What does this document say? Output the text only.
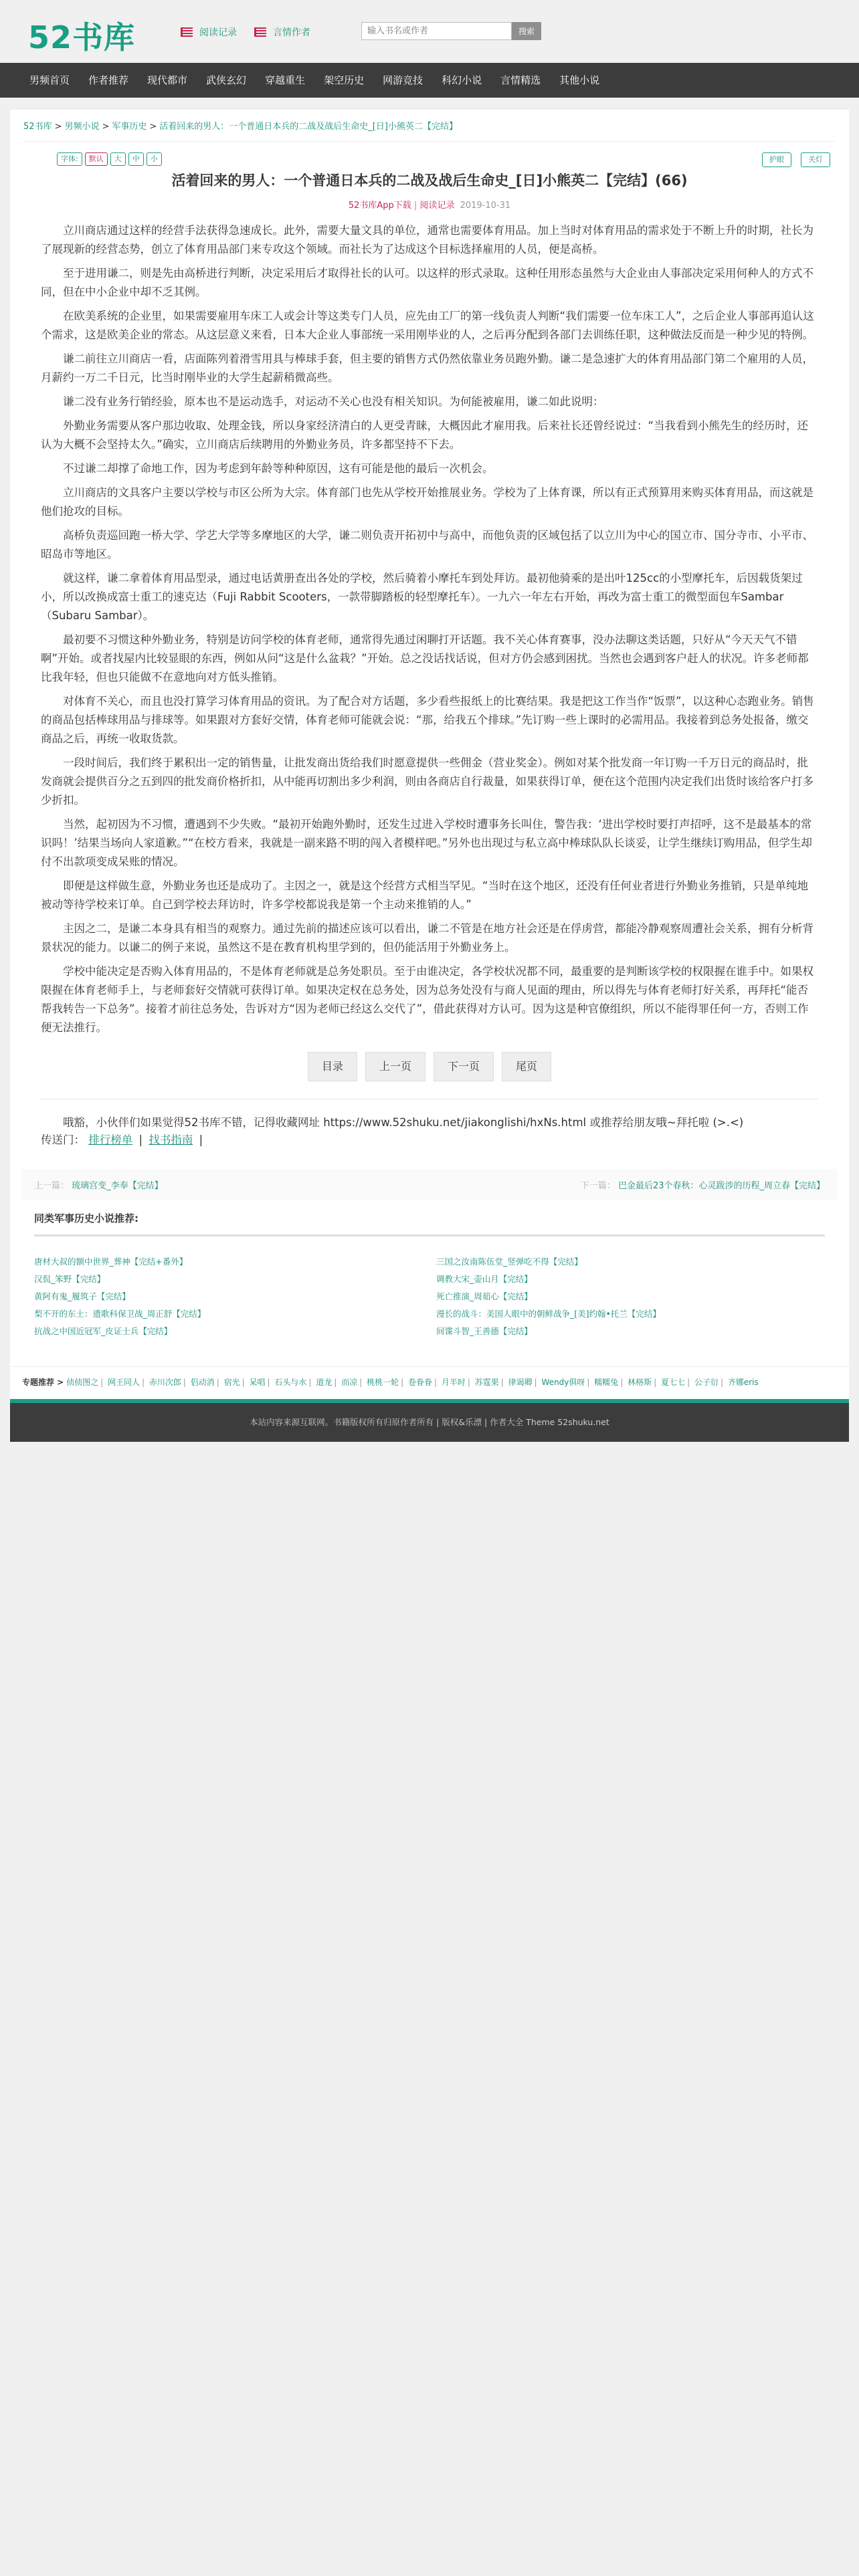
52书库	阅读记录	言情作者
输入书名或作者	搜索
男频首页	作者推荐	现代都市	武侠玄幻	穿越重生	架空历史	网游竞技	科幻小说	言情精选	其他小说
52书库 > 男频小说 > 军事历史 > 活着回来的男人：一个普通日本兵的二战及战后生命史_[日]小熊英二【完结】
字体:	默认	大	中	小	护眼	关灯
活着回来的男人：一个普通日本兵的二战及战后生命史_[日]小熊英二【完结】(66)
52书库App下载 | 阅读记录 2019-10-31

立川商店通过这样的经营手法获得急速成长。此外，需要大量文具的单位，通常也需要体育用品。加上当时对体育用品的需求处于不断上升的时期，社长为了展现新的经营态势，创立了体育用品部门来专攻这个领域。而社长为了达成这个目标选择雇用的人员，便是高桥。

至于进用谦二，则是先由高桥进行判断，决定采用后才取得社长的认可。以这样的形式录取。这种任用形态虽然与大企业由人事部决定采用何种人的方式不同，但在中小企业中却不乏其例。

在欧美系统的企业里，如果需要雇用车床工人或会计等这类专门人员，应先由工厂的第一线负责人判断“我们需要一位车床工人”，之后企业人事部再追认这个需求，这是欧美企业的常态。从这层意义来看，日本大企业人事部统一采用刚毕业的人，之后再分配到各部门去训练任职，这种做法反而是一种少见的特例。

谦二前往立川商店一看，店面陈列着滑雪用具与棒球手套，但主要的销售方式仍然依靠业务员跑外勤。谦二是急速扩大的体育用品部门第二个雇用的人员，月薪约一万二千日元，比当时刚毕业的大学生起薪稍微高些。

谦二没有业务行销经验，原本也不是运动选手，对运动不关心也没有相关知识。为何能被雇用，谦二如此说明：

外勤业务需要从客户那边收取、处理金钱，所以身家经济清白的人更受青睐，大概因此才雇用我。后来社长还曾经说过：“当我看到小熊先生的经历时，还认为大概不会坚持太久。”确实，立川商店后续聘用的外勤业务员，许多都坚持不下去。

不过谦二却撑了命地工作，因为考虑到年龄等种种原因，这有可能是他的最后一次机会。

立川商店的文具客户主要以学校与市区公所为大宗。体育部门也先从学校开始推展业务。学校为了上体育课，所以有正式预算用来购买体育用品，而这就是他们抢攻的目标。

高桥负责巡回跑一桥大学、学艺大学等多摩地区的大学，谦二则负责开拓初中与高中，而他负责的区域包括了以立川为中心的国立市、国分寺市、小平市、昭岛市等地区。

就这样，谦二拿着体育用品型录，通过电话黄册查出各处的学校，然后骑着小摩托车到处拜访。最初他骑乘的是出叶125cc的小型摩托车，后因载货架过小，所以改换成富士重工的速克达（Fuji Rabbit Scooters，一款带脚踏板的轻型摩托车）。一九六一年左右开始，再改为富士重工的微型面包车Sambar（Subaru Sambar）。

最初要不习惯这种外勤业务，特别是访问学校的体育老师，通常得先通过闲聊打开话题。我不关心体育赛事，没办法聊这类话题，只好从“今天天气不错啊”开始。或者找屋内比较显眼的东西，例如从问“这是什么盆栽？”开始。总之没话找话说，但对方仍会感到困扰。当然也会遇到客户赶人的状况。许多老师都比我年轻，但也只能做不在意地向对方低头推销。

对体育不关心，而且也没打算学习体育用品的资讯。为了配合对方话题，多少看些报纸上的比赛结果。我是把这工作当作“饭票”，以这种心态跑业务。销售的商品包括棒球用品与排球等。如果跟对方套好交情，体育老师可能就会说：“那，给我五个排球。”先订购一些上课时的必需用品。我接着到总务处报备，缴交商品之后，再统一收取货款。

一段时间后，我们终于累积出一定的销售量，让批发商出货给我们时愿意提供一些佣金（营业奖金）。例如对某个批发商一年订购一千万日元的商品时，批发商就会提供百分之五到四的批发商价格折扣，从中能再切割出多少利润，则由各商店自行裁量，如果获得订单，便在这个范围内决定我们出货时该给客户打多少折扣。

当然，起初因为不习惯，遭遇到不少失败。“最初开始跑外勤时，还发生过进入学校时遭事务长叫住，警告我：‘进出学校时要打声招呼，这不是最基本的常识吗！’结果当场向人家道歉。”“在校方看来，我就是一副来路不明的闯入者模样吧。”另外也出现过与私立高中棒球队队长谈妥，让学生继续订购用品，但学生却付不出款项变成呆账的情况。

即便是这样做生意，外勤业务也还是成功了。主因之一，就是这个经营方式相当罕见。“当时在这个地区，还没有任何业者进行外勤业务推销，只是单纯地被动等待学校来订单。自己到学校去拜访时，许多学校都说我是第一个主动来推销的人。”

主因之二，是谦二本身具有相当的观察力。通过先前的描述应该可以看出，谦二不管是在地方社会还是在俘虏营，都能冷静观察周遭社会关系，拥有分析背景状况的能力。以谦二的例子来说，虽然这不是在教育机构里学到的，但仍能活用于外勤业务上。

学校中能决定是否购入体育用品的，不是体育老师就是总务处职员。至于由谁决定，各学校状况都不同，最重要的是判断该学校的权限握在谁手中。如果权限握在体育老师手上，与老师套好交情就可获得订单。如果决定权在总务处，因为总务处没有与商人见面的理由，所以得先与体育老师打好关系，再拜托“能否帮我转告一下总务”。接着才前往总务处，告诉对方“因为老师已经这么交代了”，借此获得对方认可。因为这是种官僚组织，所以不能得罪任何一方，否则工作便无法推行。

目录	上一页	下一页	尾页

哦豁，小伙伴们如果觉得52书库不错，记得收藏网址 https://www.52shuku.net/jiakonglishi/hxNs.html 或推荐给朋友哦~拜托啦 (>.<)

传送门： 排行榜单 | 找书指南 |
上一篇： 琉璃宫变_李奉【完结】	下一篇： 巴金最后23个春秋：心灵跋涉的历程_周立春【完结】
同类军事历史小说推荐:
唐材大叔的额中世界_葬神【完结+番外】	三国之汝南陈伍堂_竖弹吃不得【完结】
汉侃_笨野【完结】	调教大宋_壶山月【完结】
黄阿有鬼_履筑子【完结】	死亡推演_周茹心【完结】
梨不开的东土：遗歌科保卫战_周正舒【完结】	漫长的战斗：美国人眼中的朝鲜战争_[美]约翰•托兰【完结】
抗战之中国近冠军_皮证士兵【完结】	间谍斗智_王善德【完结】
专题推荐 > 侦侦图之 | 网王同人 | 赤川次郎 | 侣动消 | 宿光 | 呆唱 | 石头与水 | 道龙 | 而凉 | 桃桃一轮 | 卷眷眷 | 月半时 | 苏霆果 | 律谒卿 | Wendy俱呀 | 糯糯兔 | 林格斯 | 夏七七 | 公子衍 | 齐娜eris
本站内容来源互联网。书籍版权所有归原作者所有 | 版权&乐漂 | 作者大全 Theme 52shuku.net
